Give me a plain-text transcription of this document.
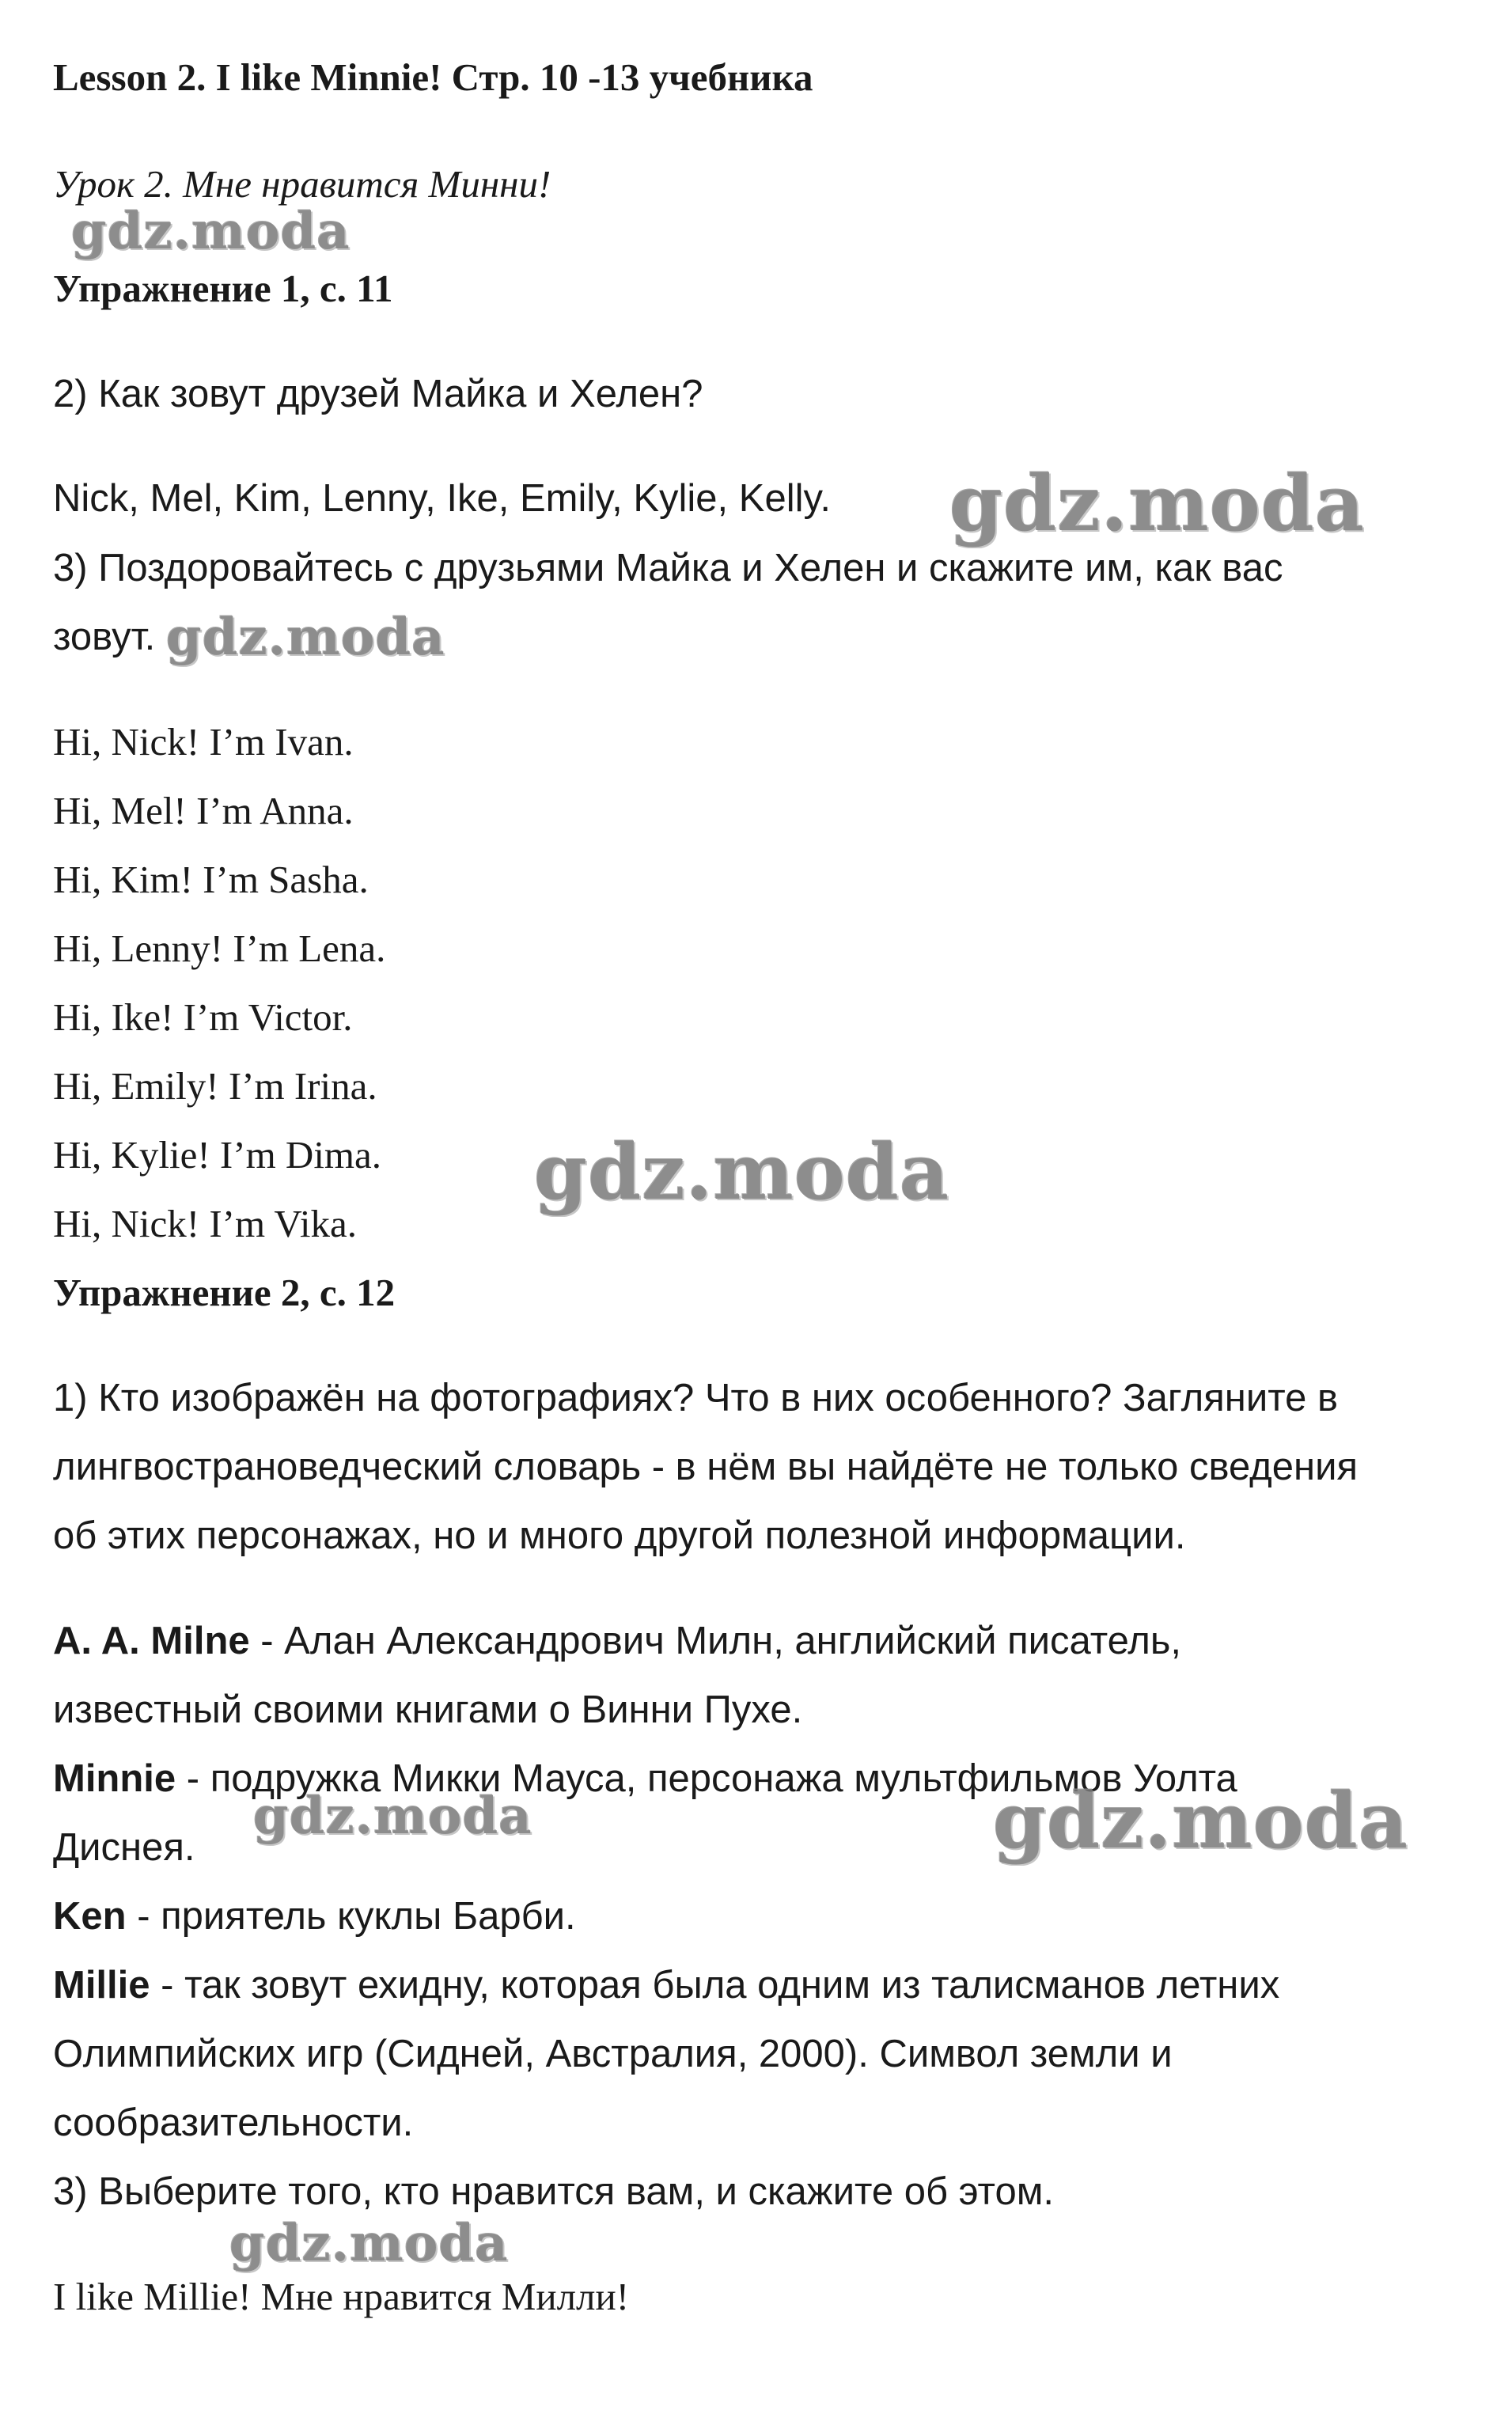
Lesson 2. I like Minnie! Стр. 10 -13 учебника

Урок 2. Мне нравится Минни!

Упражнение 1, с. 11

2) Как зовут друзей Майка и Хелен?

Nick, Mel, Kim, Lenny, Ike, Emily, Kylie, Kelly.

3) Поздоровайтесь с друзьями Майка и Хелен и скажите им, как вас

зовут.

Hi, Nick! I’m Ivan.

Hi, Mel! I’m Anna.

Hi, Kim! I’m Sasha.

Hi, Lenny! I’m Lena.

Hi, Ike! I’m Victor.

Hi, Emily! I’m Irina.

Hi, Kylie! I’m Dima.

Hi, Nick! I’m Vika.

Упражнение 2, с. 12

1) Кто изображён на фотографиях? Что в них особенного? Загляните в

лингвострановедческий словарь - в нём вы найдёте не только сведения

об этих персонажах, но и много другой полезной информации.

A. A. Milne - Алан Александрович Милн, английский писатель,

известный своими книгами о Винни Пухе.

Minnie - подружка Микки Мауса, персонажа мультфильмов Уолта

Диснея.

Ken - приятель куклы Барби.

Millie - так зовут ехидну, которая была одним из талисманов летних

Олимпийских игр (Сидней, Австралия, 2000). Символ земли и

сообразительности.

3) Выберите того, кто нравится вам, и скажите об этом.

I like Millie! Мне нравится Милли!

gdz.moda
gdz.moda
gdz.moda
gdz.moda
gdz.moda	gdz.moda
gdz.moda
